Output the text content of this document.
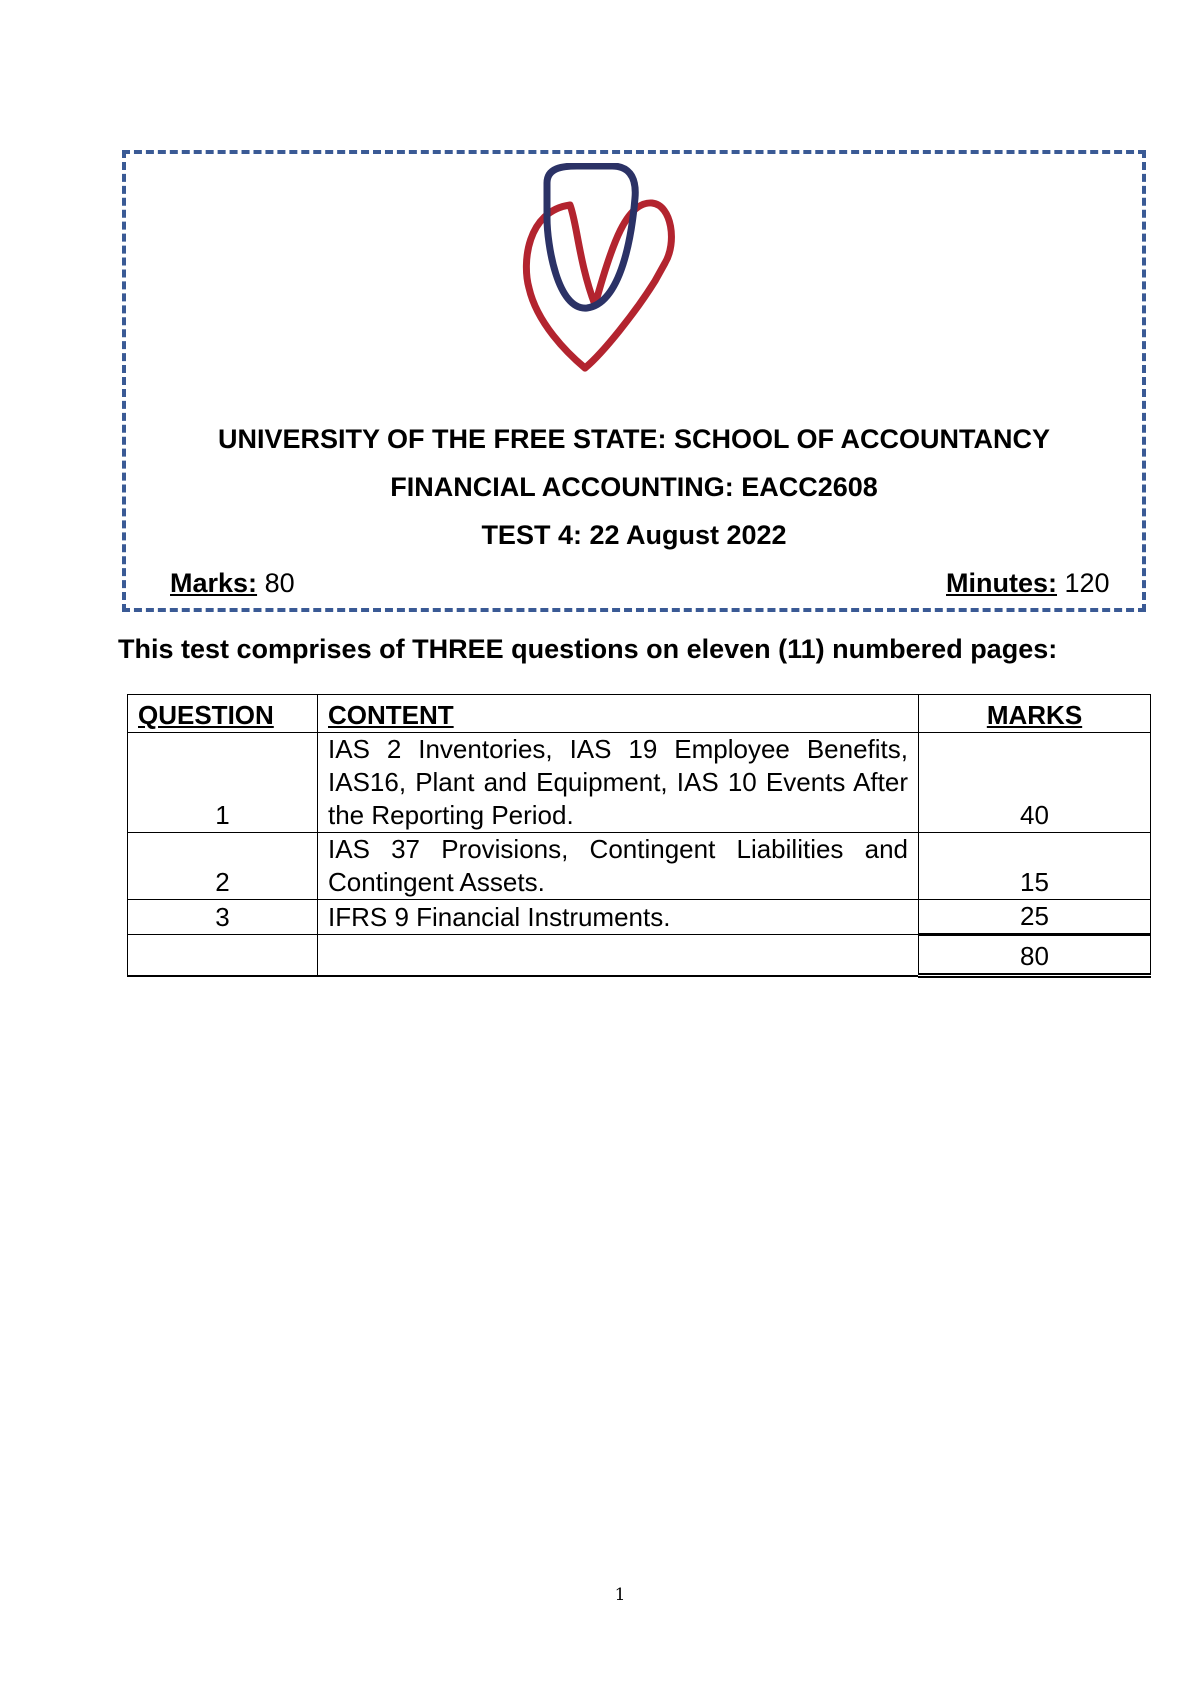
UNIVERSITY OF THE FREE STATE: SCHOOL OF ACCOUNTANCY
FINANCIAL ACCOUNTING: EACC2608
TEST 4: 22 August 2022
Marks: 80	Minutes: 120
This test comprises of THREE questions on eleven (11) numbered pages:
QUESTION	CONTENT	MARKS
1	IAS 2 Inventories, IAS 19 Employee Benefits, IAS16, Plant and Equipment, IAS 10 Events After the Reporting Period.	40
2	IAS 37 Provisions, Contingent Liabilities and Contingent Assets.	15
3	IFRS 9 Financial Instruments.	25
		80
1
